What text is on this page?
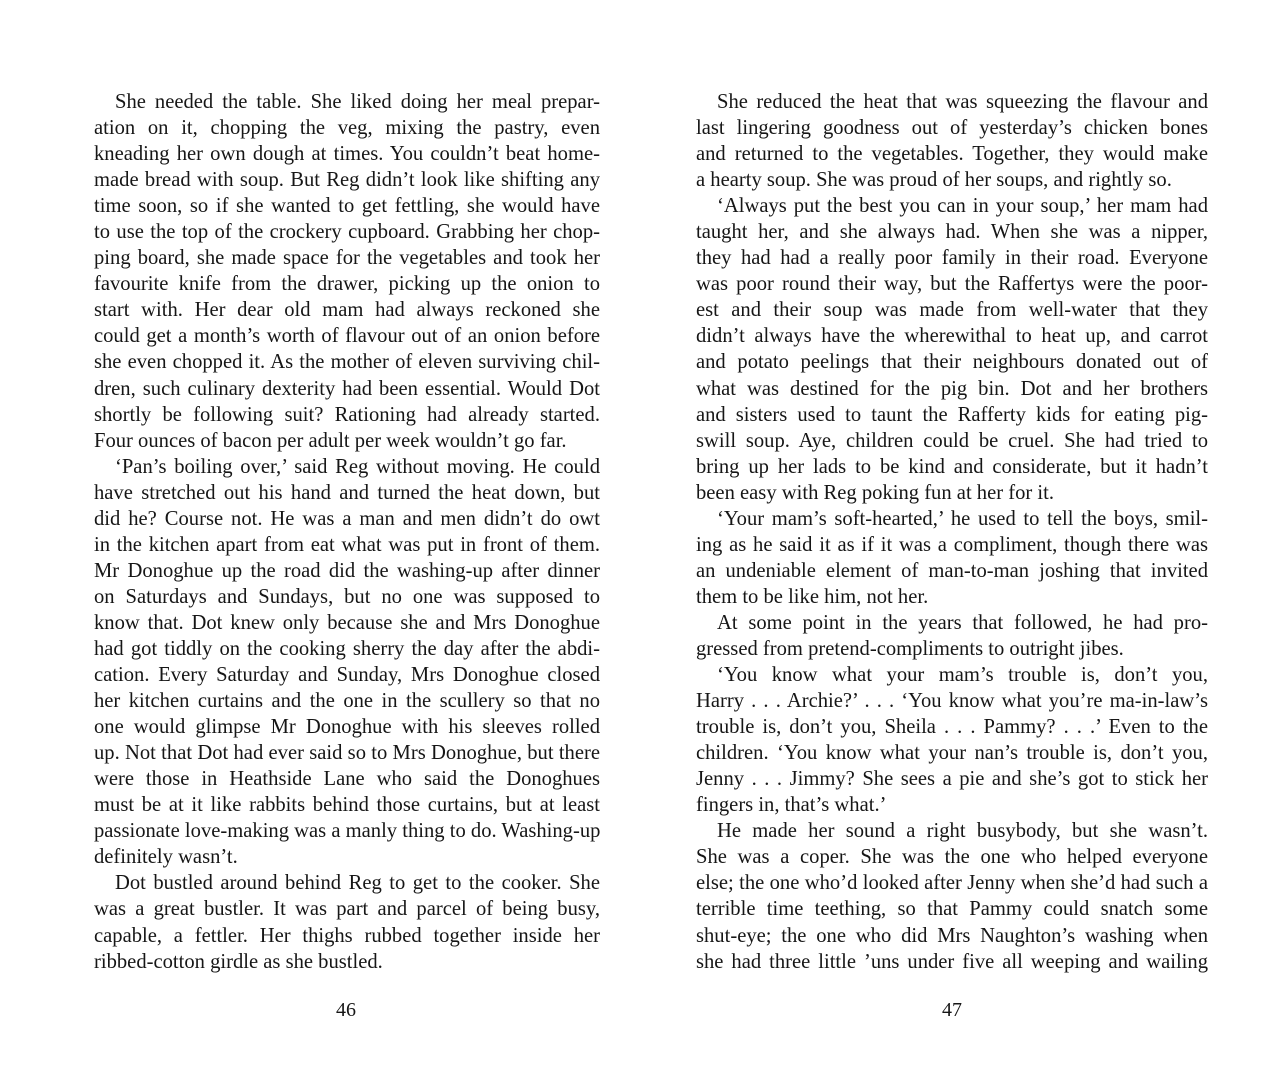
She needed the table. She liked doing her meal prepar-
ation on it, chopping the veg, mixing the pastry, even
kneading her own dough at times. You couldn’t beat home-
made bread with soup. But Reg didn’t look like shifting any
time soon, so if she wanted to get fettling, she would have
to use the top of the crockery cupboard. Grabbing her chop-
ping board, she made space for the vegetables and took her
favourite knife from the drawer, picking up the onion to
start with. Her dear old mam had always reckoned she
could get a month’s worth of flavour out of an onion before
she even chopped it. As the mother of eleven surviving chil-
dren, such culinary dexterity had been essential. Would Dot
shortly be following suit? Rationing had already started.
Four ounces of bacon per adult per week wouldn’t go far.
‘Pan’s boiling over,’ said Reg without moving. He could
have stretched out his hand and turned the heat down, but
did he? Course not. He was a man and men didn’t do owt
in the kitchen apart from eat what was put in front of them.
Mr Donoghue up the road did the washing-up after dinner
on Saturdays and Sundays, but no one was supposed to
know that. Dot knew only because she and Mrs Donoghue
had got tiddly on the cooking sherry the day after the abdi-
cation. Every Saturday and Sunday, Mrs Donoghue closed
her kitchen curtains and the one in the scullery so that no
one would glimpse Mr Donoghue with his sleeves rolled
up. Not that Dot had ever said so to Mrs Donoghue, but there
were those in Heathside Lane who said the Donoghues
must be at it like rabbits behind those curtains, but at least
passionate love-making was a manly thing to do. Washing-up
definitely wasn’t.
Dot bustled around behind Reg to get to the cooker. She
was a great bustler. It was part and parcel of being busy,
capable, a fettler. Her thighs rubbed together inside her
ribbed-cotton girdle as she bustled.
46
She reduced the heat that was squeezing the flavour and
last lingering goodness out of yesterday’s chicken bones
and returned to the vegetables. Together, they would make
a hearty soup. She was proud of her soups, and rightly so.
‘Always put the best you can in your soup,’ her mam had
taught her, and she always had. When she was a nipper,
they had had a really poor family in their road. Everyone
was poor round their way, but the Raffertys were the poor-
est and their soup was made from well-water that they
didn’t always have the wherewithal to heat up, and carrot
and potato peelings that their neighbours donated out of
what was destined for the pig bin. Dot and her brothers
and sisters used to taunt the Rafferty kids for eating pig-
swill soup. Aye, children could be cruel. She had tried to
bring up her lads to be kind and considerate, but it hadn’t
been easy with Reg poking fun at her for it.
‘Your mam’s soft-hearted,’ he used to tell the boys, smil-
ing as he said it as if it was a compliment, though there was
an undeniable element of man-to-man joshing that invited
them to be like him, not her.
At some point in the years that followed, he had pro-
gressed from pretend-compliments to outright jibes.
‘You know what your mam’s trouble is, don’t you,
Harry . . . Archie?’ . . . ‘You know what you’re ma-in-law’s
trouble is, don’t you, Sheila . . . Pammy? . . .’ Even to the
children. ‘You know what your nan’s trouble is, don’t you,
Jenny . . . Jimmy? She sees a pie and she’s got to stick her
fingers in, that’s what.’
He made her sound a right busybody, but she wasn’t.
She was a coper. She was the one who helped everyone
else; the one who’d looked after Jenny when she’d had such a
terrible time teething, so that Pammy could snatch some
shut-eye; the one who did Mrs Naughton’s washing when
she had three little ’uns under five all weeping and wailing
47
